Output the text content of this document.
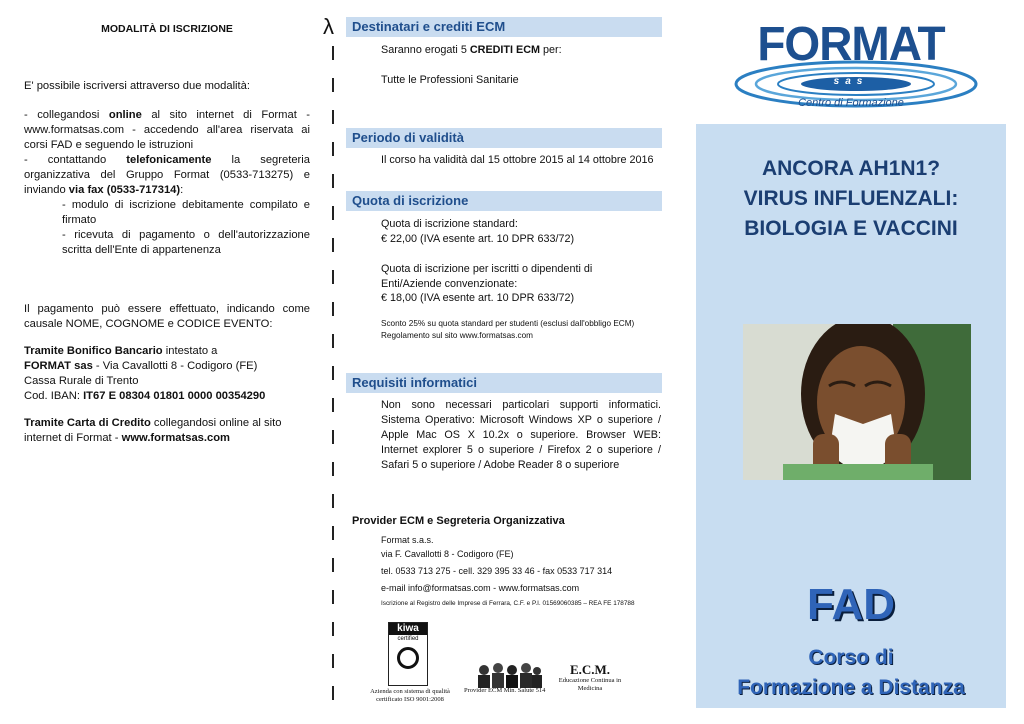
MODALITÀ DI ISCRIZIONE
E' possibile iscriversi attraverso due modalità:
- collegandosi online al sito internet di Format - www.formatsas.com - accedendo all'area riservata ai corsi FAD e seguendo le istruzioni
- contattando telefonicamente la segreteria organizzativa del Gruppo Format (0533-713275) e inviando via fax (0533-717314):
- modulo di iscrizione debitamente compilato e firmato
- ricevuta di pagamento o dell'autorizzazione scritta dell'Ente di appartenenza
Il pagamento può essere effettuato, indicando come causale NOME, COGNOME e CODICE EVENTO:
Tramite Bonifico Bancario intestato a
FORMAT sas - Via Cavallotti 8 - Codigoro (FE)
Cassa Rurale di Trento
Cod. IBAN: IT67 E 08304 01801 0000 00354290
Tramite Carta di Credito collegandosi online al sito internet di Format - www.formatsas.com
λ	Destinatari e crediti ECM
Saranno erogati 5 CREDITI ECM per:
Tutte le Professioni Sanitarie
Periodo di validità
Il corso ha validità dal 15 ottobre 2015 al 14 ottobre 2016
Quota di iscrizione
Quota di iscrizione standard:
€ 22,00 (IVA esente art. 10 DPR 633/72)
Quota di iscrizione per iscritti o dipendenti di Enti/Aziende convenzionate:
€ 18,00 (IVA esente art. 10 DPR 633/72)
Sconto 25% su quota standard per studenti (esclusi dall'obbligo ECM)
Regolamento sul sito www.formatsas.com
Requisiti informatici
Non sono necessari particolari supporti informatici. Sistema Operativo: Microsoft Windows XP o superiore / Apple Mac OS X 10.2x o superiore. Browser WEB: Internet explorer 5 o superiore / Firefox 2 o superiore / Safari 5 o superiore / Adobe Reader 8 o superiore
Provider ECM e Segreteria Organizzativa
Format s.a.s.
via F. Cavallotti 8 - Codigoro (FE)
tel. 0533 713 275 - cell. 329 395 33 46 - fax 0533 717 314
e-mail info@formatsas.com - www.formatsas.com
Iscrizione al Registro delle Imprese di Ferrara, C.F. e P.I. 01569060385 – REA FE 178788
kiwa
certified
Azienda con sistema di qualità certificato ISO 9001:2008
Provider ECM Min. Salute 514
E.C.M.
Educazione Continua in Medicina
FORMAT
sas
Centro di Formazione
ANCORA AH1N1?
VIRUS INFLUENZALI:
BIOLOGIA E VACCINI
FAD
Corso di
Formazione a Distanza
